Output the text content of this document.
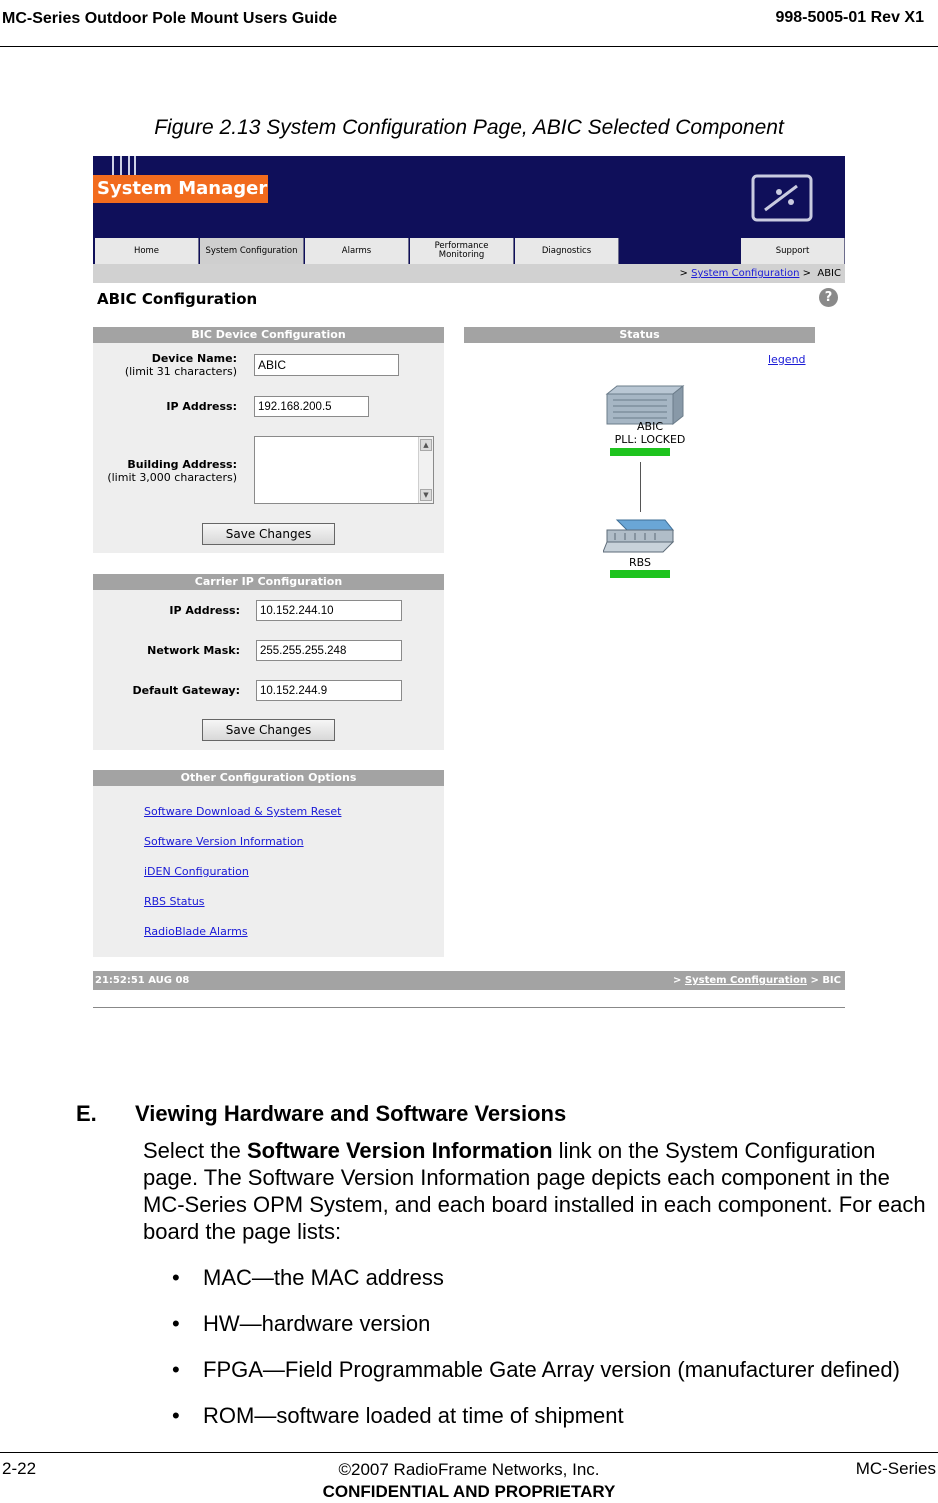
MC-Series Outdoor Pole Mount Users Guide	998-5005-01 Rev X1
Figure 2.13 System Configuration Page, ABIC Selected Component
System Manager
Home	System Configuration	Alarms	Performance Monitoring	Diagnostics	Support
> System Configuration > ABIC
ABIC Configuration	?
BIC Device Configuration
Device Name:
(limit 31 characters)	ABIC
IP Address:	192.168.200.5
Building Address:
(limit 3,000 characters)
▲
▼
Save Changes
Carrier IP Configuration
IP Address:	10.152.244.10
Network Mask:	255.255.255.248
Default Gateway:	10.152.244.9
Save Changes
Other Configuration Options
Software Download & System Reset
Software Version Information
iDEN Configuration
RBS Status
RadioBlade Alarms
Status
legend
ABIC
PLL: LOCKED
RBS
21:52:51 AUG 08	> System Configuration > BIC
E. Viewing Hardware and Software Versions
Select the Software Version Information link on the System Configuration page. The Software Version Information page depicts each component in the MC-Series OPM System, and each board installed in each component. For each board the page lists:
• MAC—the MAC address
• HW—hardware version
• FPGA—Field Programmable Gate Array version (manufacturer defined)
• ROM—software loaded at time of shipment
2-22	©2007 RadioFrame Networks, Inc.
CONFIDENTIAL AND PROPRIETARY
MC-Series
